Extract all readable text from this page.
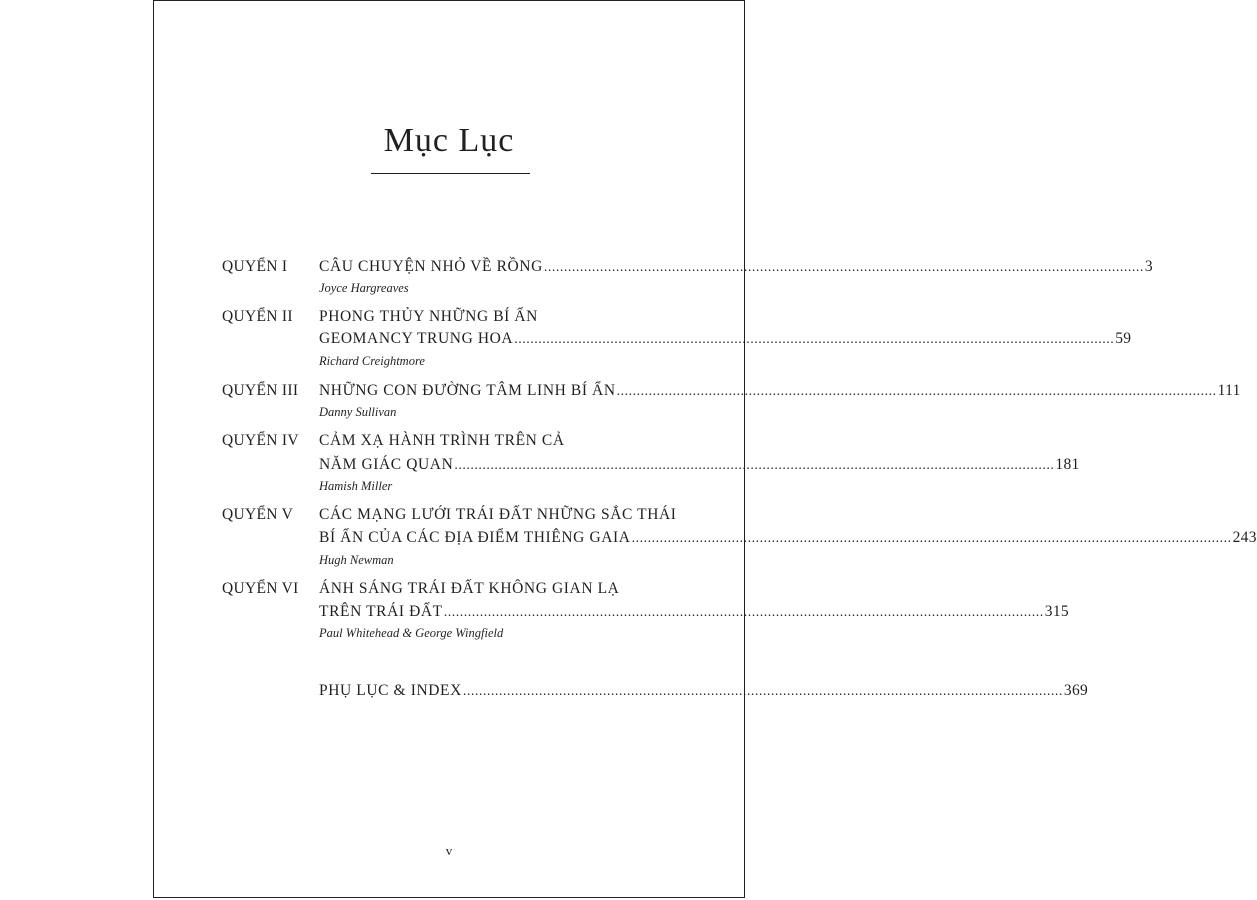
Mục Lục
QUYỂN I CÂU CHUYỆN NHỎ VỀ RỒNG ...................................................................................................................................................... 3
Joyce Hargreaves
QUYỂN II PHONG THỦY NHỮNG BÍ ẨN
GEOMANCY TRUNG HOA ...................................................................................................................................................... 59
Richard Creightmore
QUYỂN III NHỮNG CON ĐƯỜNG TÂM LINH BÍ ẨN ...................................................................................................................................................... 111
Danny Sullivan
QUYỂN IV CẢM XẠ HÀNH TRÌNH TRÊN CẢ
NĂM GIÁC QUAN ...................................................................................................................................................... 181
Hamish Miller
QUYỂN V CÁC MẠNG LƯỚI TRÁI ĐẤT NHỮNG SẮC THÁI
BÍ ẨN CỦA CÁC ĐỊA ĐIỂM THIÊNG GAIA ...................................................................................................................................................... 243
Hugh Newman
QUYỂN VI ÁNH SÁNG TRÁI ĐẤT KHÔNG GIAN LẠ
TRÊN TRÁI ĐẤT ...................................................................................................................................................... 315
Paul Whitehead & George Wingfield
PHỤ LỤC & INDEX ...................................................................................................................................................... 369
v
